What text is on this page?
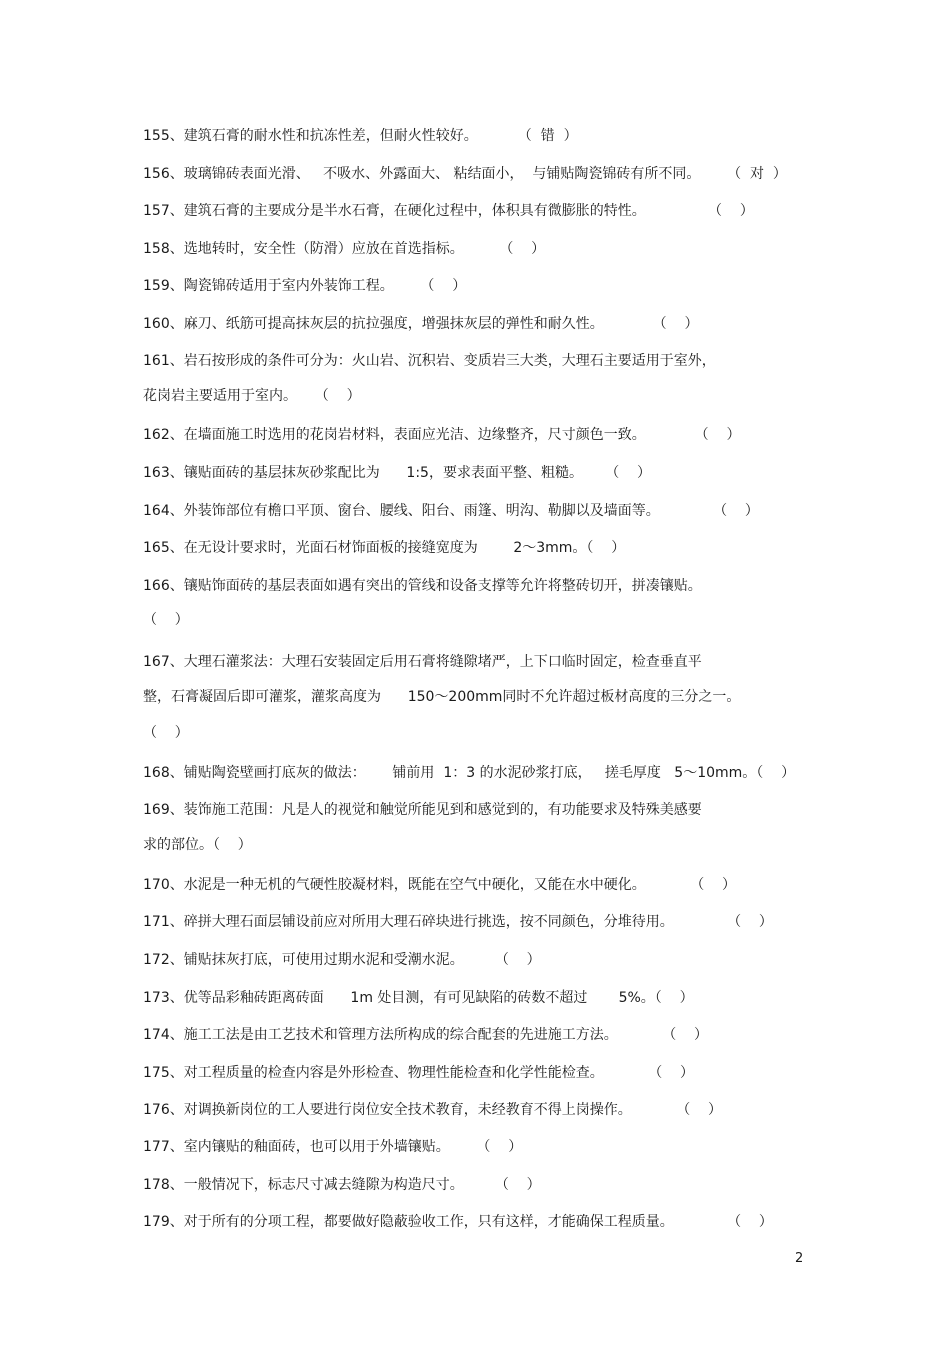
155、建筑石膏的耐水性和抗冻性差，但耐火性较好。         （  错  ）
156、玻璃锦砖表面光滑、   不吸水、外露面大、 粘结面小，  与铺贴陶瓷锦砖有所不同。      （  对  ）
157、建筑石膏的主要成分是半水石膏，在硬化过程中，体积具有微膨胀的特性。              （    ）
158、选地转时，安全性（防滑）应放在首选指标。        （    ）
159、陶瓷锦砖适用于室内外装饰工程。      （    ）
160、麻刀、纸筋可提高抹灰层的抗拉强度，增强抹灰层的弹性和耐久性。           （    ）
161、岩石按形成的条件可分为：火山岩、沉积岩、变质岩三大类，大理石主要适用于室外，
花岗岩主要适用于室内。    （    ）
162、在墙面施工时选用的花岗岩材料，表面应光洁、边缘整齐，尺寸颜色一致。           （    ）
163、镶贴面砖的基层抹灰砂浆配比为      1:5，要求表面平整、粗糙。     （    ）
164、外装饰部位有檐口平顶、窗台、腰线、阳台、雨篷、明沟、勒脚以及墙面等。            （    ）
165、在无设计要求时，光面石材饰面板的接缝宽度为        2～3mm。（    ）
166、镶贴饰面砖的基层表面如遇有突出的管线和设备支撑等允许将整砖切开，拼凑镶贴。
（    ）
167、大理石灌浆法：大理石安装固定后用石膏将缝隙堵严，上下口临时固定，检查垂直平
整，石膏凝固后即可灌浆，灌浆高度为      150～200mm同时不允许超过板材高度的三分之一。
（    ）
168、铺贴陶瓷壁画打底灰的做法：      铺前用  1：3 的水泥砂浆打底，   搓毛厚度   5～10mm。（    ）
169、装饰施工范围：凡是人的视觉和触觉所能见到和感觉到的，有功能要求及特殊美感要
求的部位。（    ）
170、水泥是一种无机的气硬性胶凝材料，既能在空气中硬化，又能在水中硬化。          （    ）
171、碎拼大理石面层铺设前应对所用大理石碎块进行挑选，按不同颜色，分堆待用。            （    ）
172、铺贴抹灰打底，可使用过期水泥和受潮水泥。       （    ）
173、优等品彩釉砖距离砖面      1m 处目测，有可见缺陷的砖数不超过       5%。（    ）
174、施工工法是由工艺技术和管理方法所构成的综合配套的先进施工方法。          （    ）
175、对工程质量的检查内容是外形检查、物理性能检查和化学性能检查。          （    ）
176、对调换新岗位的工人要进行岗位安全技术教育，未经教育不得上岗操作。          （    ）
177、室内镶贴的釉面砖，也可以用于外墙镶贴。      （    ）
178、一般情况下，标志尺寸减去缝隙为构造尺寸。       （    ）
179、对于所有的分项工程，都要做好隐蔽验收工作，只有这样，才能确保工程质量。            （    ）
2
